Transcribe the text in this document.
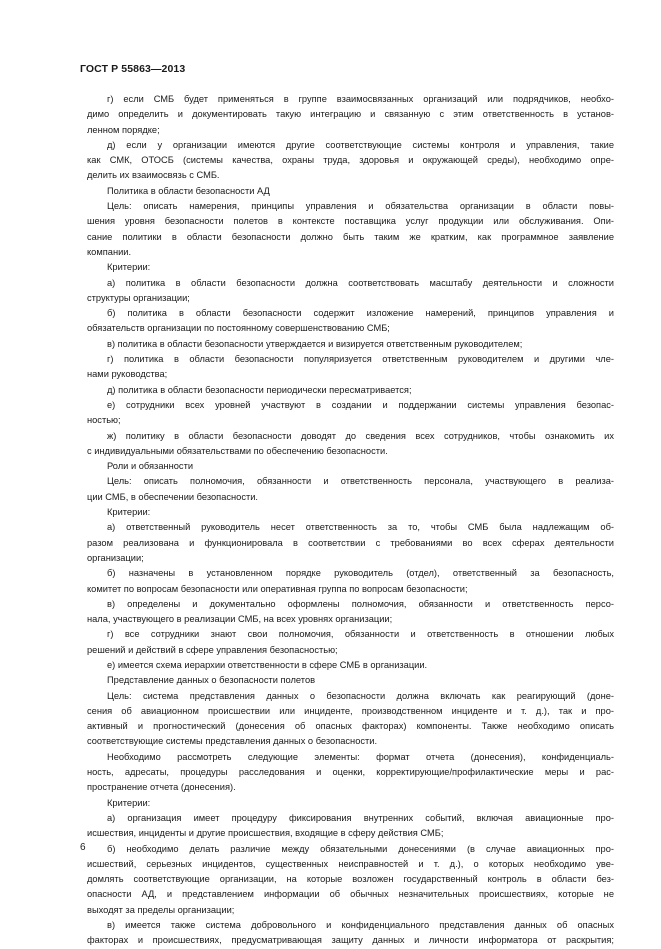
ГОСТ Р 55863—2013
г) если СМБ будет применяться в группе взаимосвязанных организаций или подрядчиков, необхо-
димо определить и документировать такую интеграцию и связанную с этим ответственность в установ-
ленном порядке;
д) если у организации имеются другие соответствующие системы контроля и управления, такие
как СМК, ОТОСБ (системы качества, охраны труда, здоровья и окружающей среды), необходимо опре-
делить их взаимосвязь с СМБ.
Политика в области безопасности АД
Цель: описать намерения, принципы управления и обязательства организации в области повы-
шения уровня безопасности полетов в контексте поставщика услуг продукции или обслуживания. Опи-
сание политики в области безопасности должно быть таким же кратким, как программное заявление
компании.
Критерии:
а) политика в области безопасности должна соответствовать масштабу деятельности и сложности
структуры организации;
б) политика в области безопасности содержит изложение намерений, принципов управления и
обязательств организации по постоянному совершенствованию СМБ;
в) политика в области безопасности утверждается и визируется ответственным руководителем;
г) политика в области безопасности популяризуется ответственным руководителем и другими чле-
нами руководства;
д) политика в области безопасности периодически пересматривается;
е) сотрудники всех уровней участвуют в создании и поддержании системы управления безопас-
ностью;
ж) политику в области безопасности доводят до сведения всех сотрудников, чтобы ознакомить их
с индивидуальными обязательствами по обеспечению безопасности.
Роли и обязанности
Цель: описать полномочия, обязанности и ответственность персонала, участвующего в реализа-
ции СМБ, в обеспечении безопасности.
Критерии:
а) ответственный руководитель несет ответственность за то, чтобы СМБ была надлежащим об-
разом реализована и функционировала в соответствии с требованиями во всех сферах деятельности
организации;
б) назначены в установленном порядке руководитель (отдел), ответственный за безопасность,
комитет по вопросам безопасности или оперативная группа по вопросам безопасности;
в) определены и документально оформлены полномочия, обязанности и ответственность персо-
нала, участвующего в реализации СМБ, на всех уровнях организации;
г) все сотрудники знают свои полномочия, обязанности и ответственность в отношении любых
решений и действий в сфере управления безопасностью;
е) имеется схема иерархии ответственности в сфере СМБ в организации.
Представление данных о безопасности полетов
Цель: система представления данных о безопасности должна включать как реагирующий (доне-
сения об авиационном происшествии или инциденте, производственном инциденте и т. д.), так и про-
активный и прогностический (донесения об опасных факторах) компоненты. Также необходимо описать
соответствующие системы представления данных о безопасности.
Необходимо рассмотреть следующие элементы: формат отчета (донесения), конфиденциаль-
ность, адресаты, процедуры расследования и оценки, корректирующие/профилактические меры и рас-
пространение отчета (донесения).
Критерии:
а) организация имеет процедуру фиксирования внутренних событий, включая авиационные про-
исшествия, инциденты и другие происшествия, входящие в сферу действия СМБ;
б) необходимо делать различие между обязательными донесениями (в случае авиационных про-
исшествий, серьезных инцидентов, существенных неисправностей и т. д.), о которых необходимо уве-
домлять соответствующие организации, на которые возложен государственный контроль в области без-
опасности АД, и представлением информации об обычных незначительных происшествиях, которые не
выходят за пределы организации;
в) имеется также система добровольного и конфиденциального представления данных об опасных
факторах и происшествиях, предусматривающая защиту данных и личности информатора от раскрытия;
6
